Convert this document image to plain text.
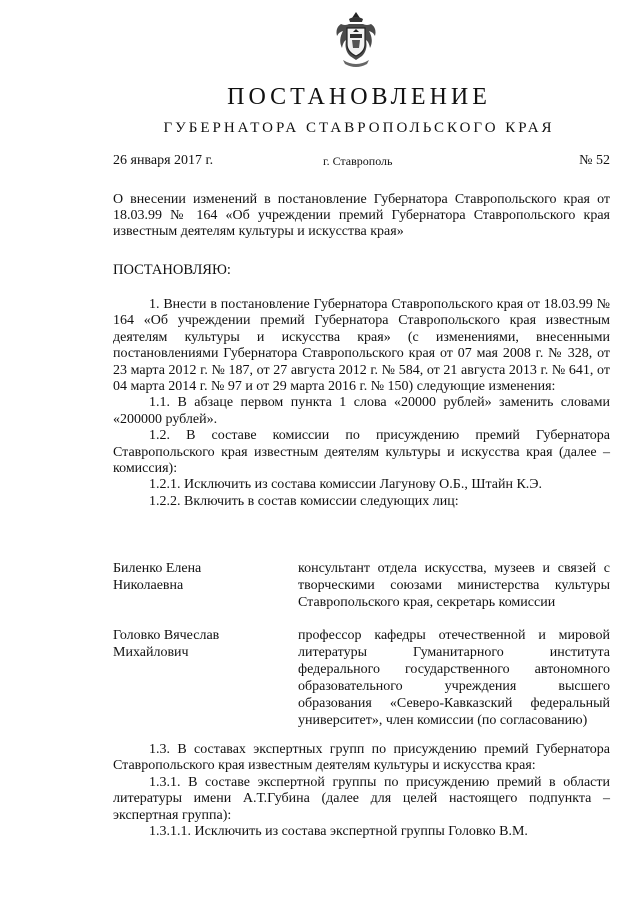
ПОСТАНОВЛЕНИЕ
ГУБЕРНАТОРА СТАВРОПОЛЬСКОГО КРАЯ
26 января 2017 г.	г. Ставрополь	№ 52
О внесении изменений в постановление Губернатора Ставропольского края от 18.03.99 № 164 «Об учреждении премий Губернатора Ставропольского края известным деятелям культуры и искусства края»
ПОСТАНОВЛЯЮ:

1. Внести в постановление Губернатора Ставропольского края от 18.03.99 № 164 «Об учреждении премий Губернатора Ставропольского края известным деятелям культуры и искусства края» (с изменениями, внесенными постановлениями Губернатора Ставропольского края от 07 мая 2008 г. № 328, от 23 марта 2012 г. № 187, от 27 августа 2012 г. № 584, от 21 августа 2013 г. № 641, от 04 марта 2014 г. № 97 и от 29 марта 2016 г. № 150) следующие изменения:

1.1. В абзаце первом пункта 1 слова «20000 рублей» заменить словами «200000 рублей».

1.2. В составе комиссии по присуждению премий Губернатора Ставропольского края известным деятелям культуры и искусства края (далее – комиссия):

1.2.1. Исключить из состава комиссии Лагунову О.Б., Штайн К.Э.

1.2.2. Включить в состав комиссии следующих лиц:

Биленко Елена
Николаевна
консультант отдела искусства, музеев и связей с творческими союзами министерства культуры Ставропольского края, секретарь комиссии
Головко Вячеслав
Михайлович
профессор кафедры отечественной и мировой литературы Гуманитарного института федерального государственного автономного образовательного учреждения высшего образования «Северо-Кавказский федеральный университет», член комиссии (по согласованию)

1.3. В составах экспертных групп по присуждению премий Губернатора Ставропольского края известным деятелям культуры и искусства края:

1.3.1. В составе экспертной группы по присуждению премий в области литературы имени А.Т.Губина (далее для целей настоящего подпункта – экспертная группа):

1.3.1.1. Исключить из состава экспертной группы Головко В.М.
